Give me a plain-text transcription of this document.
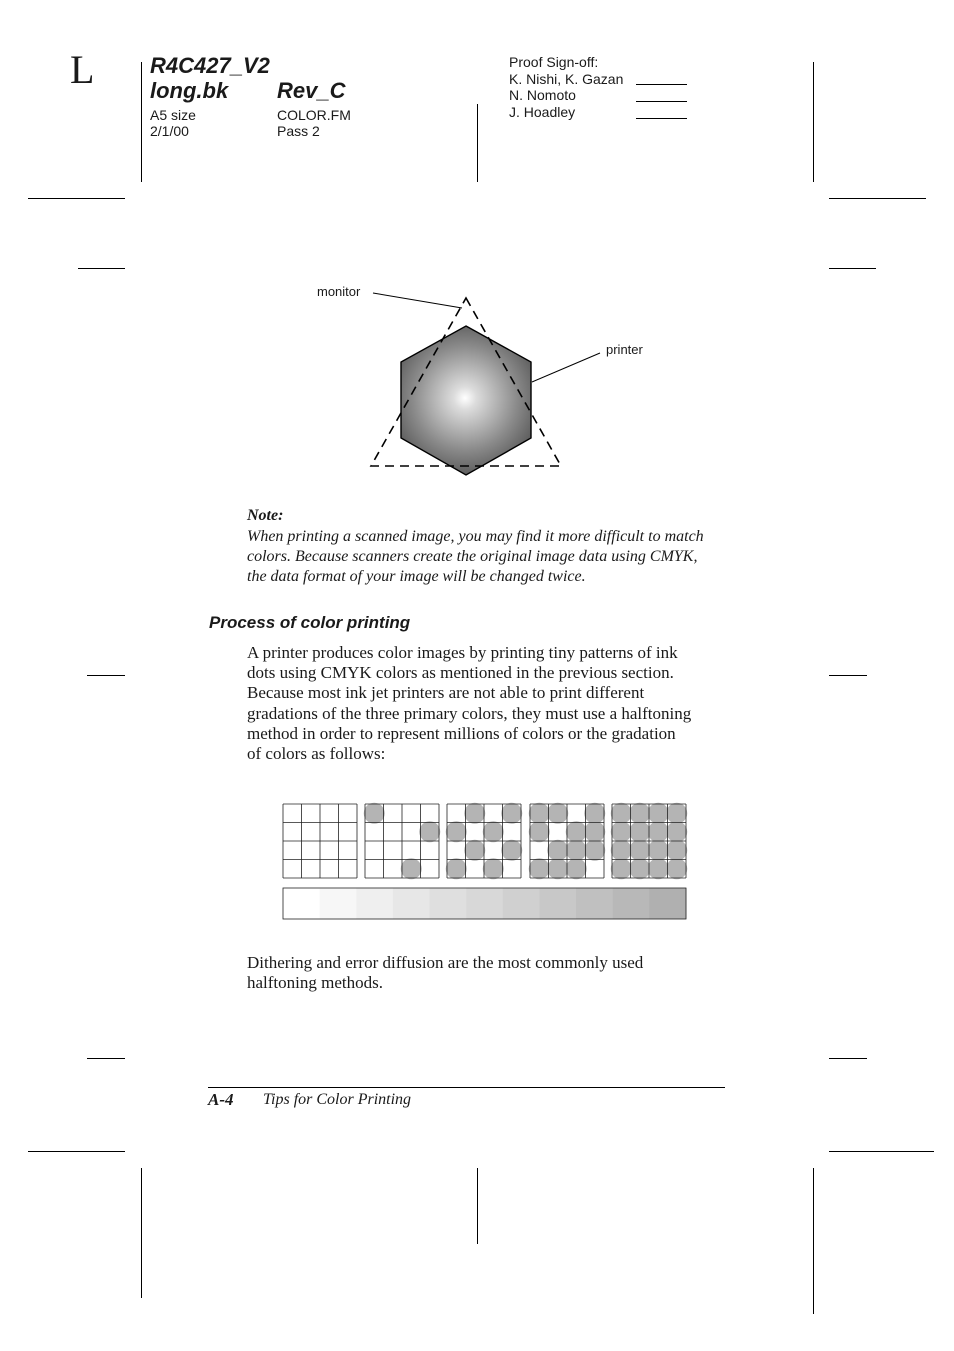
L	R4C427_V2
long.bk Rev_C
A5 size
2/1/00
COLOR.FM
Pass 2
Proof Sign-off:
K. Nishi, K. Gazan
N. Nomoto
J. Hoadley
monitor
printer
Note:
When printing a scanned image, you may find it more difficult to match
colors. Because scanners create the original image data using CMYK,
the data format of your image will be changed twice.
Process of color printing
A printer produces color images by printing tiny patterns of ink
dots using CMYK colors as mentioned in the previous section.
Because most ink jet printers are not able to print different
gradations of the three primary colors, they must use a halftoning
method in order to represent millions of colors or the gradation
of colors as follows:
Dithering and error diffusion are the most commonly used
halftoning methods.
A-4 Tips for Color Printing
